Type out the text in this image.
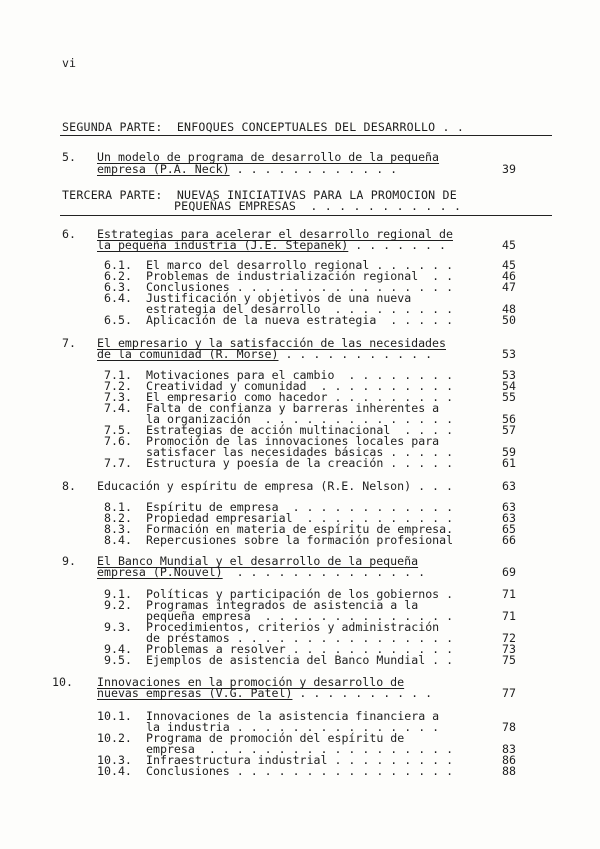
vi
SEGUNDA PARTE:  ENFOQUES CONCEPTUALES DEL DESARROLLO . .
5. Un modelo de programa de desarrollo de la pequeña
empresa (P.A. Neck) . . . . . . . . . . . .	39
TERCERA PARTE:  NUEVAS INICIATIVAS PARA LA PROMOCION DE
PEQUEÑAS EMPRESAS  . . . . . . . . . . .
6. Estrategias para acelerar el desarrollo regional de
la pequeña industria (J.E. Stepanek) . . . . . . .	45
6.1. El marco del desarrollo regional . . . . . .	45
6.2. Problemas de industrialización regional  . .	46
6.3. Conclusiones . . . . . . . . . . . . . . . .	47
6.4. Justificación y objetivos de una nueva
estrategia del desarrollo  . . . . . . . . .	48
6.5. Aplicación de la nueva estrategia  . . . . .	50
7. El empresario y la satisfacción de las necesidades
de la comunidad (R. Morse) . . . . . . . . . . .	53
7.1. Motivaciones para el cambio  . . . . . . . .	53
7.2. Creatividad y comunidad  . . . . . . . . . .	54
7.3. El empresario como hacedor . . . . . . . . .	55
7.4. Falta de confianza y barreras inherentes a
la organización  . . . . . . . . . . . . . .	56
7.5. Estrategias de acción multinacional  . . . .	57
7.6. Promoción de las innovaciones locales para
satisfacer las necesidades básicas . . . . .	59
7.7. Estructura y poesía de la creación . . . . .	61
8. Educación y espíritu de empresa (R.E. Nelson) . . .	63
8.1. Espíritu de empresa  . . . . . . . . . . . .	63
8.2. Propiedad empresarial  . . . . . . . . . . .	63
8.3. Formación en materia de espíritu de empresa.	65
8.4. Repercusiones sobre la formación profesional	66
9. El Banco Mundial y el desarrollo de la pequeña
empresa (P.Nouvel)  . . . . . . . . . . . . . .	69
9.1. Políticas y participación de los gobiernos .	71
9.2. Programas integrados de asistencia a la
pequeña empresa  . . . . . . . . . . . . . .	71
9.3. Procedimientos, criterios y administración
de préstamos . . . . . . . . . . . . . . . .	72
9.4. Problemas a resolver . . . . . . . . . . . .	73
9.5. Ejemplos de asistencia del Banco Mundial . .	75
10. Innovaciones en la promoción y desarrollo de
nuevas empresas (V.G. Patel) . . . . . . . . . .	77
10.1. Innovaciones de la asistencia financiera a
la industria . . . . . . . . . . . . . . .	78
10.2. Programa de promoción del espíritu de
empresa  . . . . . . . . . . . . . . . . . .	83
10.3. Infraestructura industrial . . . . . . . . .	86
10.4. Conclusiones . . . . . . . . . . . . . . . .	88
